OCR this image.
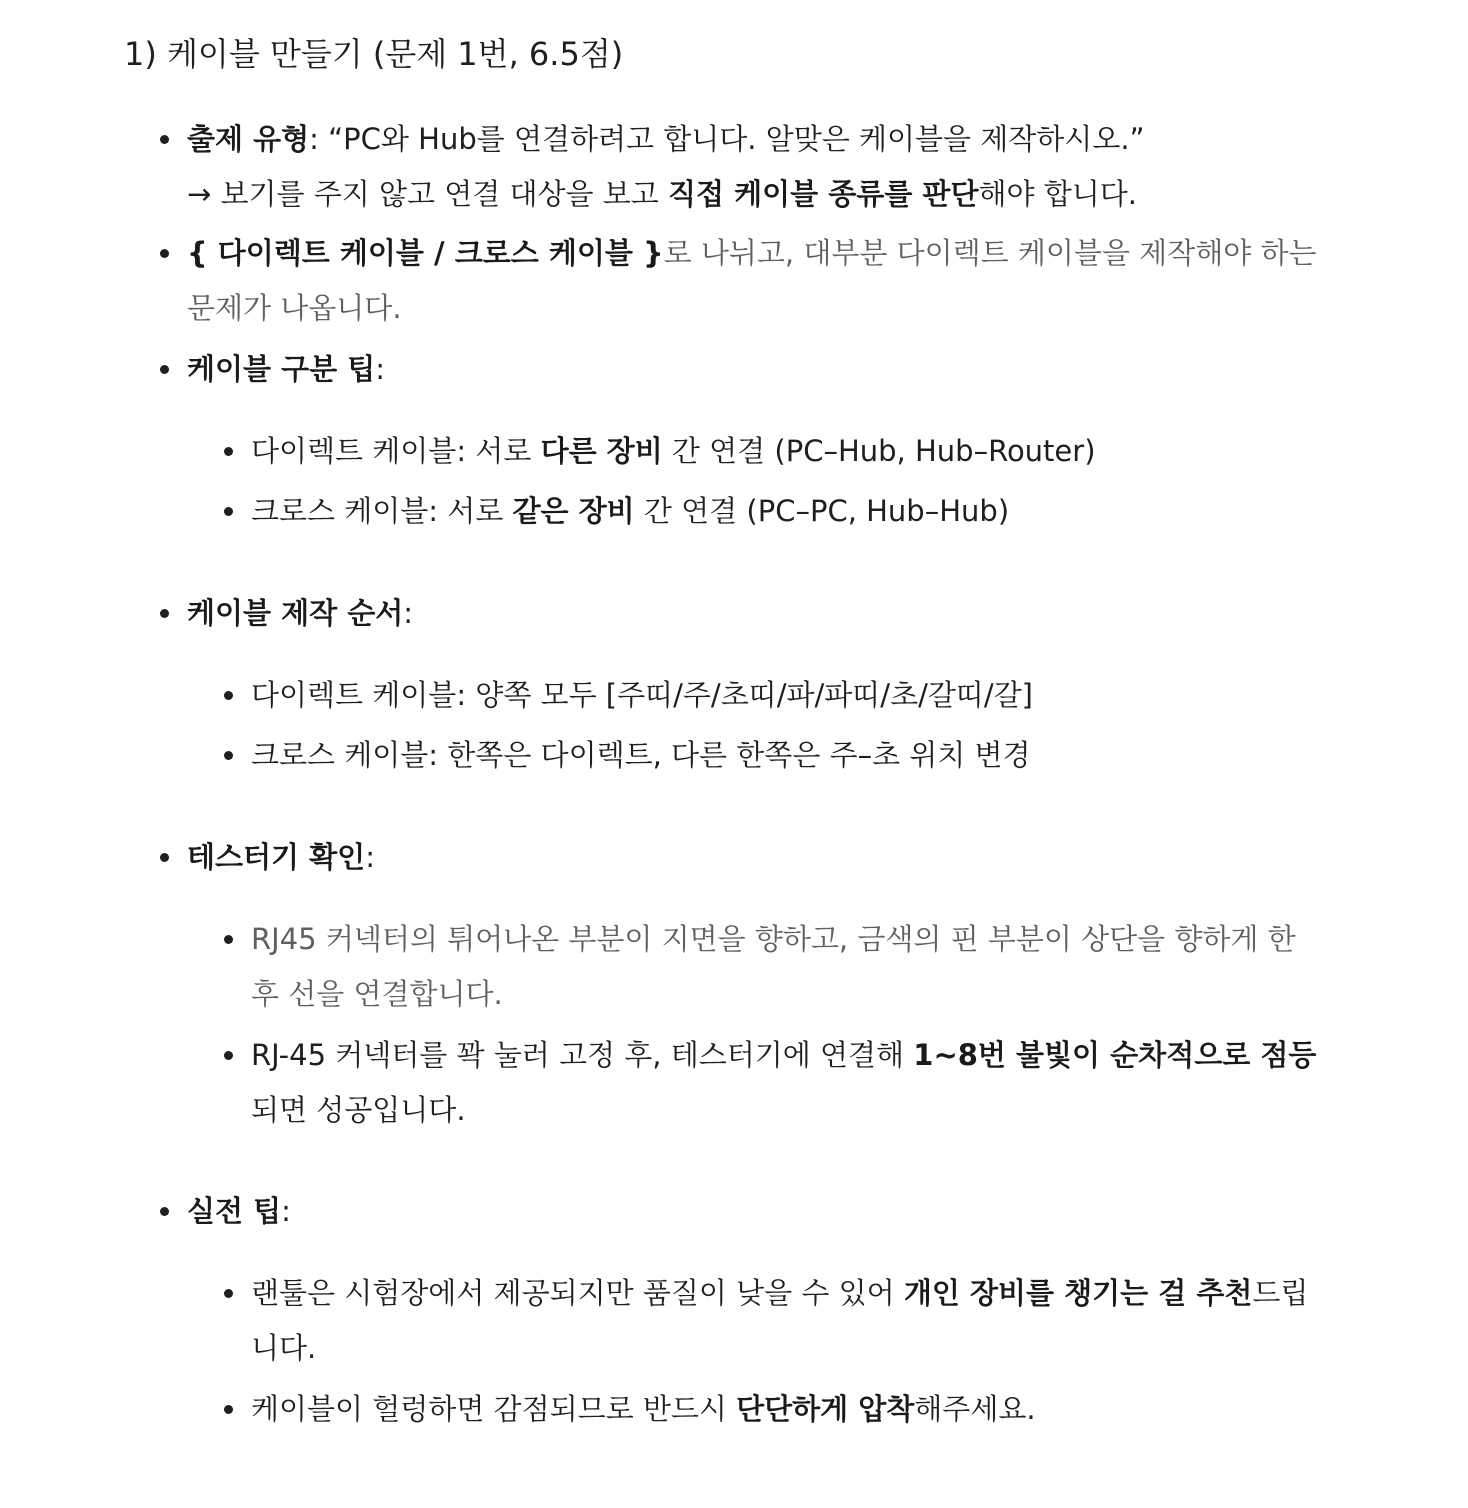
1) 케이블 만들기 (문제 1번, 6.5점)

출제 유형: “PC와 Hub를 연결하려고 합니다. 알맞은 케이블을 제작하시오.”
→ 보기를 주지 않고 연결 대상을 보고 직접 케이블 종류를 판단해야 합니다.

{ 다이렉트 케이블 / 크로스 케이블 }로 나뉘고, 대부분 다이렉트 케이블을 제작해야 하는 문제가 나옵니다.

케이블 구분 팁:

다이렉트 케이블: 서로 다른 장비 간 연결 (PC–Hub, Hub–Router)

크로스 케이블: 서로 같은 장비 간 연결 (PC–PC, Hub–Hub)

케이블 제작 순서:

다이렉트 케이블: 양쪽 모두 [주띠/주/초띠/파/파띠/초/갈띠/갈]

크로스 케이블: 한쪽은 다이렉트, 다른 한쪽은 주–초 위치 변경

테스터기 확인:

RJ45 커넥터의 튀어나온 부분이 지면을 향하고, 금색의 핀 부분이 상단을 향하게 한 후 선을 연결합니다.

RJ-45 커넥터를 꽉 눌러 고정 후, 테스터기에 연결해 1~8번 불빛이 순차적으로 점등되면 성공입니다.

실전 팁:

랜툴은 시험장에서 제공되지만 품질이 낮을 수 있어 개인 장비를 챙기는 걸 추천드립니다.

케이블이 헐렁하면 감점되므로 반드시 단단하게 압착해주세요.
